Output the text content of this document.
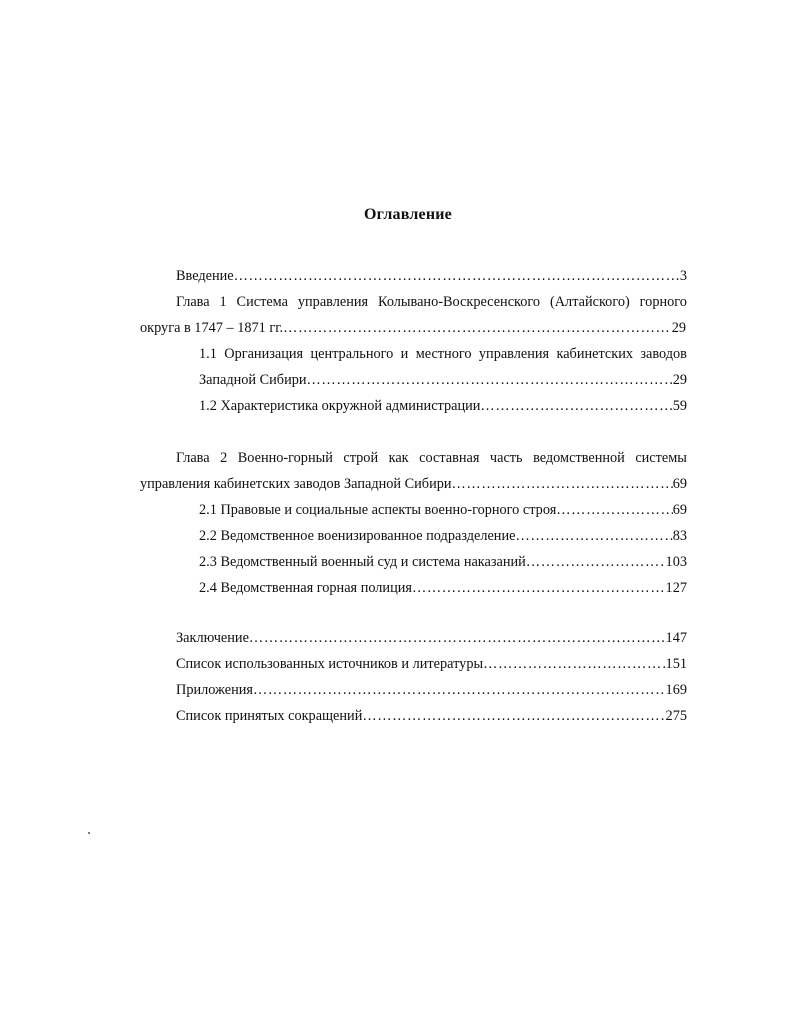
Оглавление
Введение ……………………………………………………………………………………………………………………………………………………………………	3
Глава 1 Система управления Колывано-Воскресенского (Алтайского) горного
округа в 1747 – 1871 гг. ……………………………………………………………………………………………………………………………………………………………………	29
1.1 Организация центрального и местного управления кабинетских заводов
Западной Сибири ……………………………………………………………………………………………………………………………………………………………………	29
1.2 Характеристика окружной администрации ……………………………………………………………………………………………………………………………………………………………………	59
Глава 2 Военно-горный строй как составная часть ведомственной системы
управления кабинетских заводов Западной Сибири ……………………………………………………………………………………………………………………………………………………………………	69
2.1 Правовые и социальные аспекты военно-горного строя ……………………………………………………………………………………………………………………………………………………………………	69
2.2 Ведомственное военизированное подразделение ……………………………………………………………………………………………………………………………………………………………………	83
2.3 Ведомственный военный суд и система наказаний ……………………………………………………………………………………………………………………………………………………………………	103
2.4 Ведомственная горная полиция ……………………………………………………………………………………………………………………………………………………………………	127
Заключение ……………………………………………………………………………………………………………………………………………………………………	147
Список использованных источников и литературы ……………………………………………………………………………………………………………………………………………………………………	151
Приложения ……………………………………………………………………………………………………………………………………………………………………	169
Список принятых сокращений ……………………………………………………………………………………………………………………………………………………………………	275
